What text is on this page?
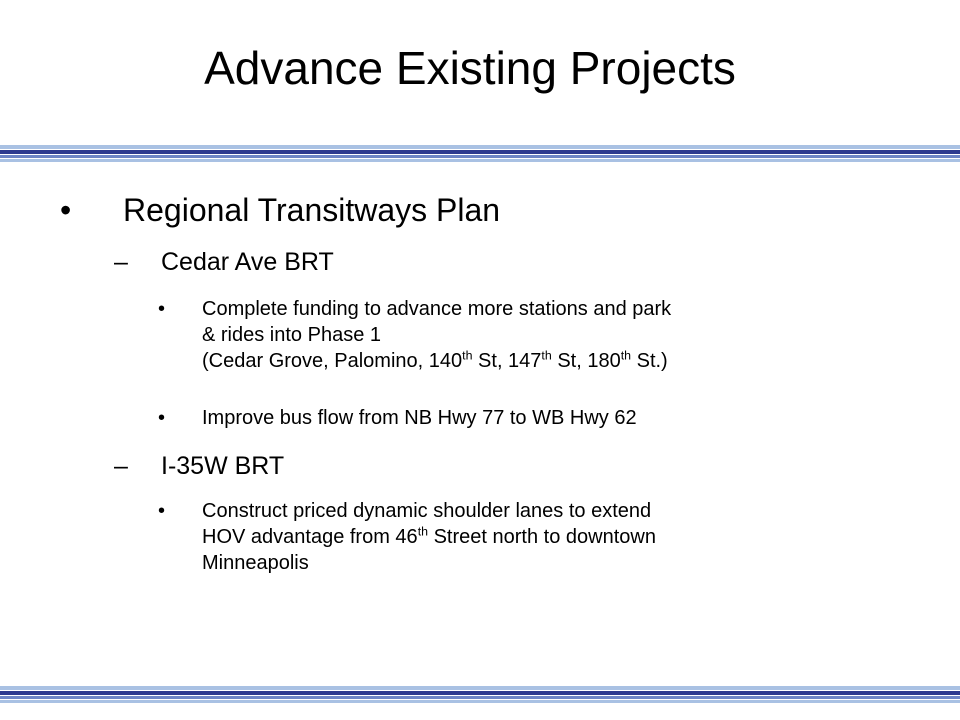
Advance Existing Projects
• Regional Transitways Plan
– Cedar Ave BRT
• Complete funding to advance more stations and park
& rides into Phase 1
(Cedar Grove, Palomino, 140th St, 147th St, 180th St.)
• Improve bus flow from NB Hwy 77 to WB Hwy 62
– I-35W BRT
• Construct priced dynamic shoulder lanes to extend
HOV advantage from 46th Street north to downtown
Minneapolis
